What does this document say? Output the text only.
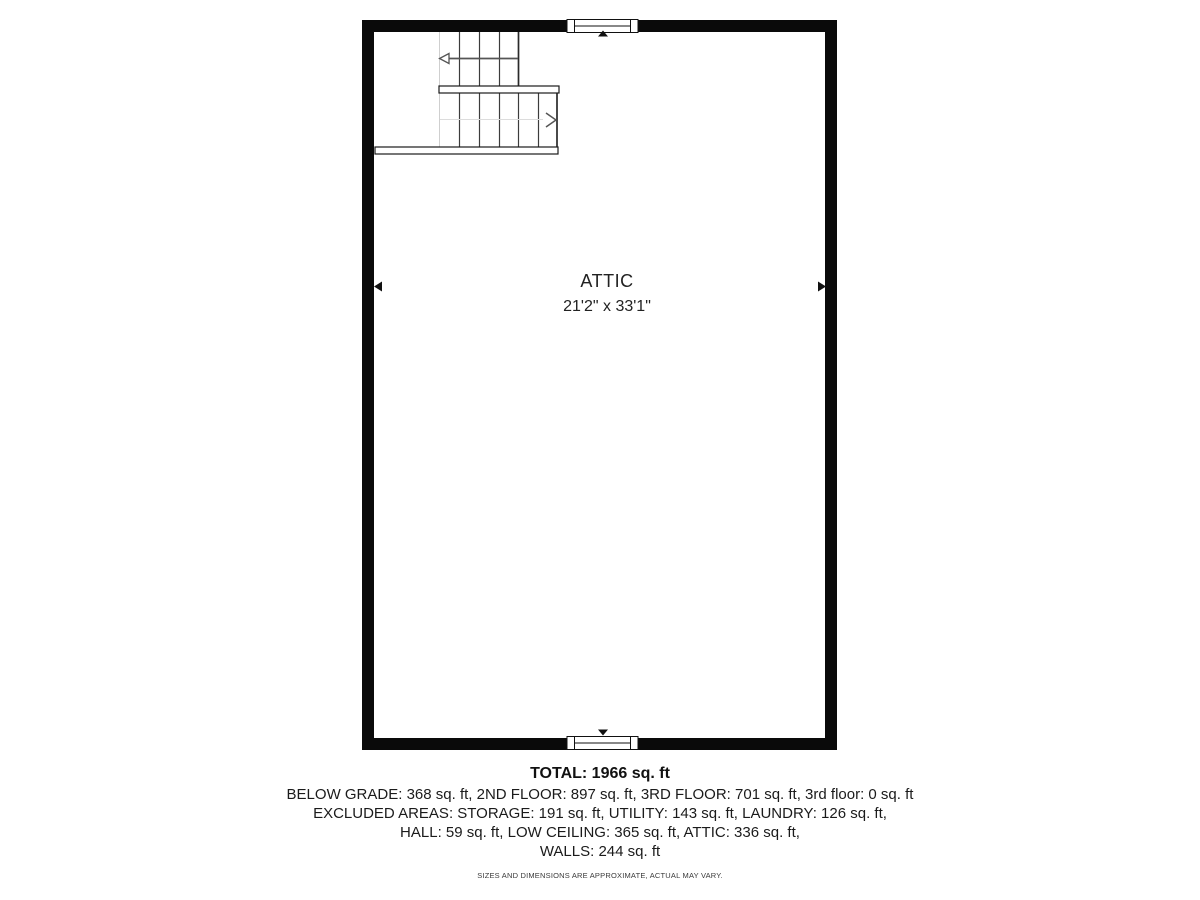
ATTIC
21'2" x 33'1"
TOTAL: 1966 sq. ft
BELOW GRADE: 368 sq. ft, 2ND FLOOR: 897 sq. ft, 3RD FLOOR: 701 sq. ft, 3rd floor: 0 sq. ft
EXCLUDED AREAS: STORAGE: 191 sq. ft, UTILITY: 143 sq. ft, LAUNDRY: 126 sq. ft,
HALL: 59 sq. ft, LOW CEILING: 365 sq. ft, ATTIC: 336 sq. ft,
WALLS: 244 sq. ft
SIZES AND DIMENSIONS ARE APPROXIMATE, ACTUAL MAY VARY.
